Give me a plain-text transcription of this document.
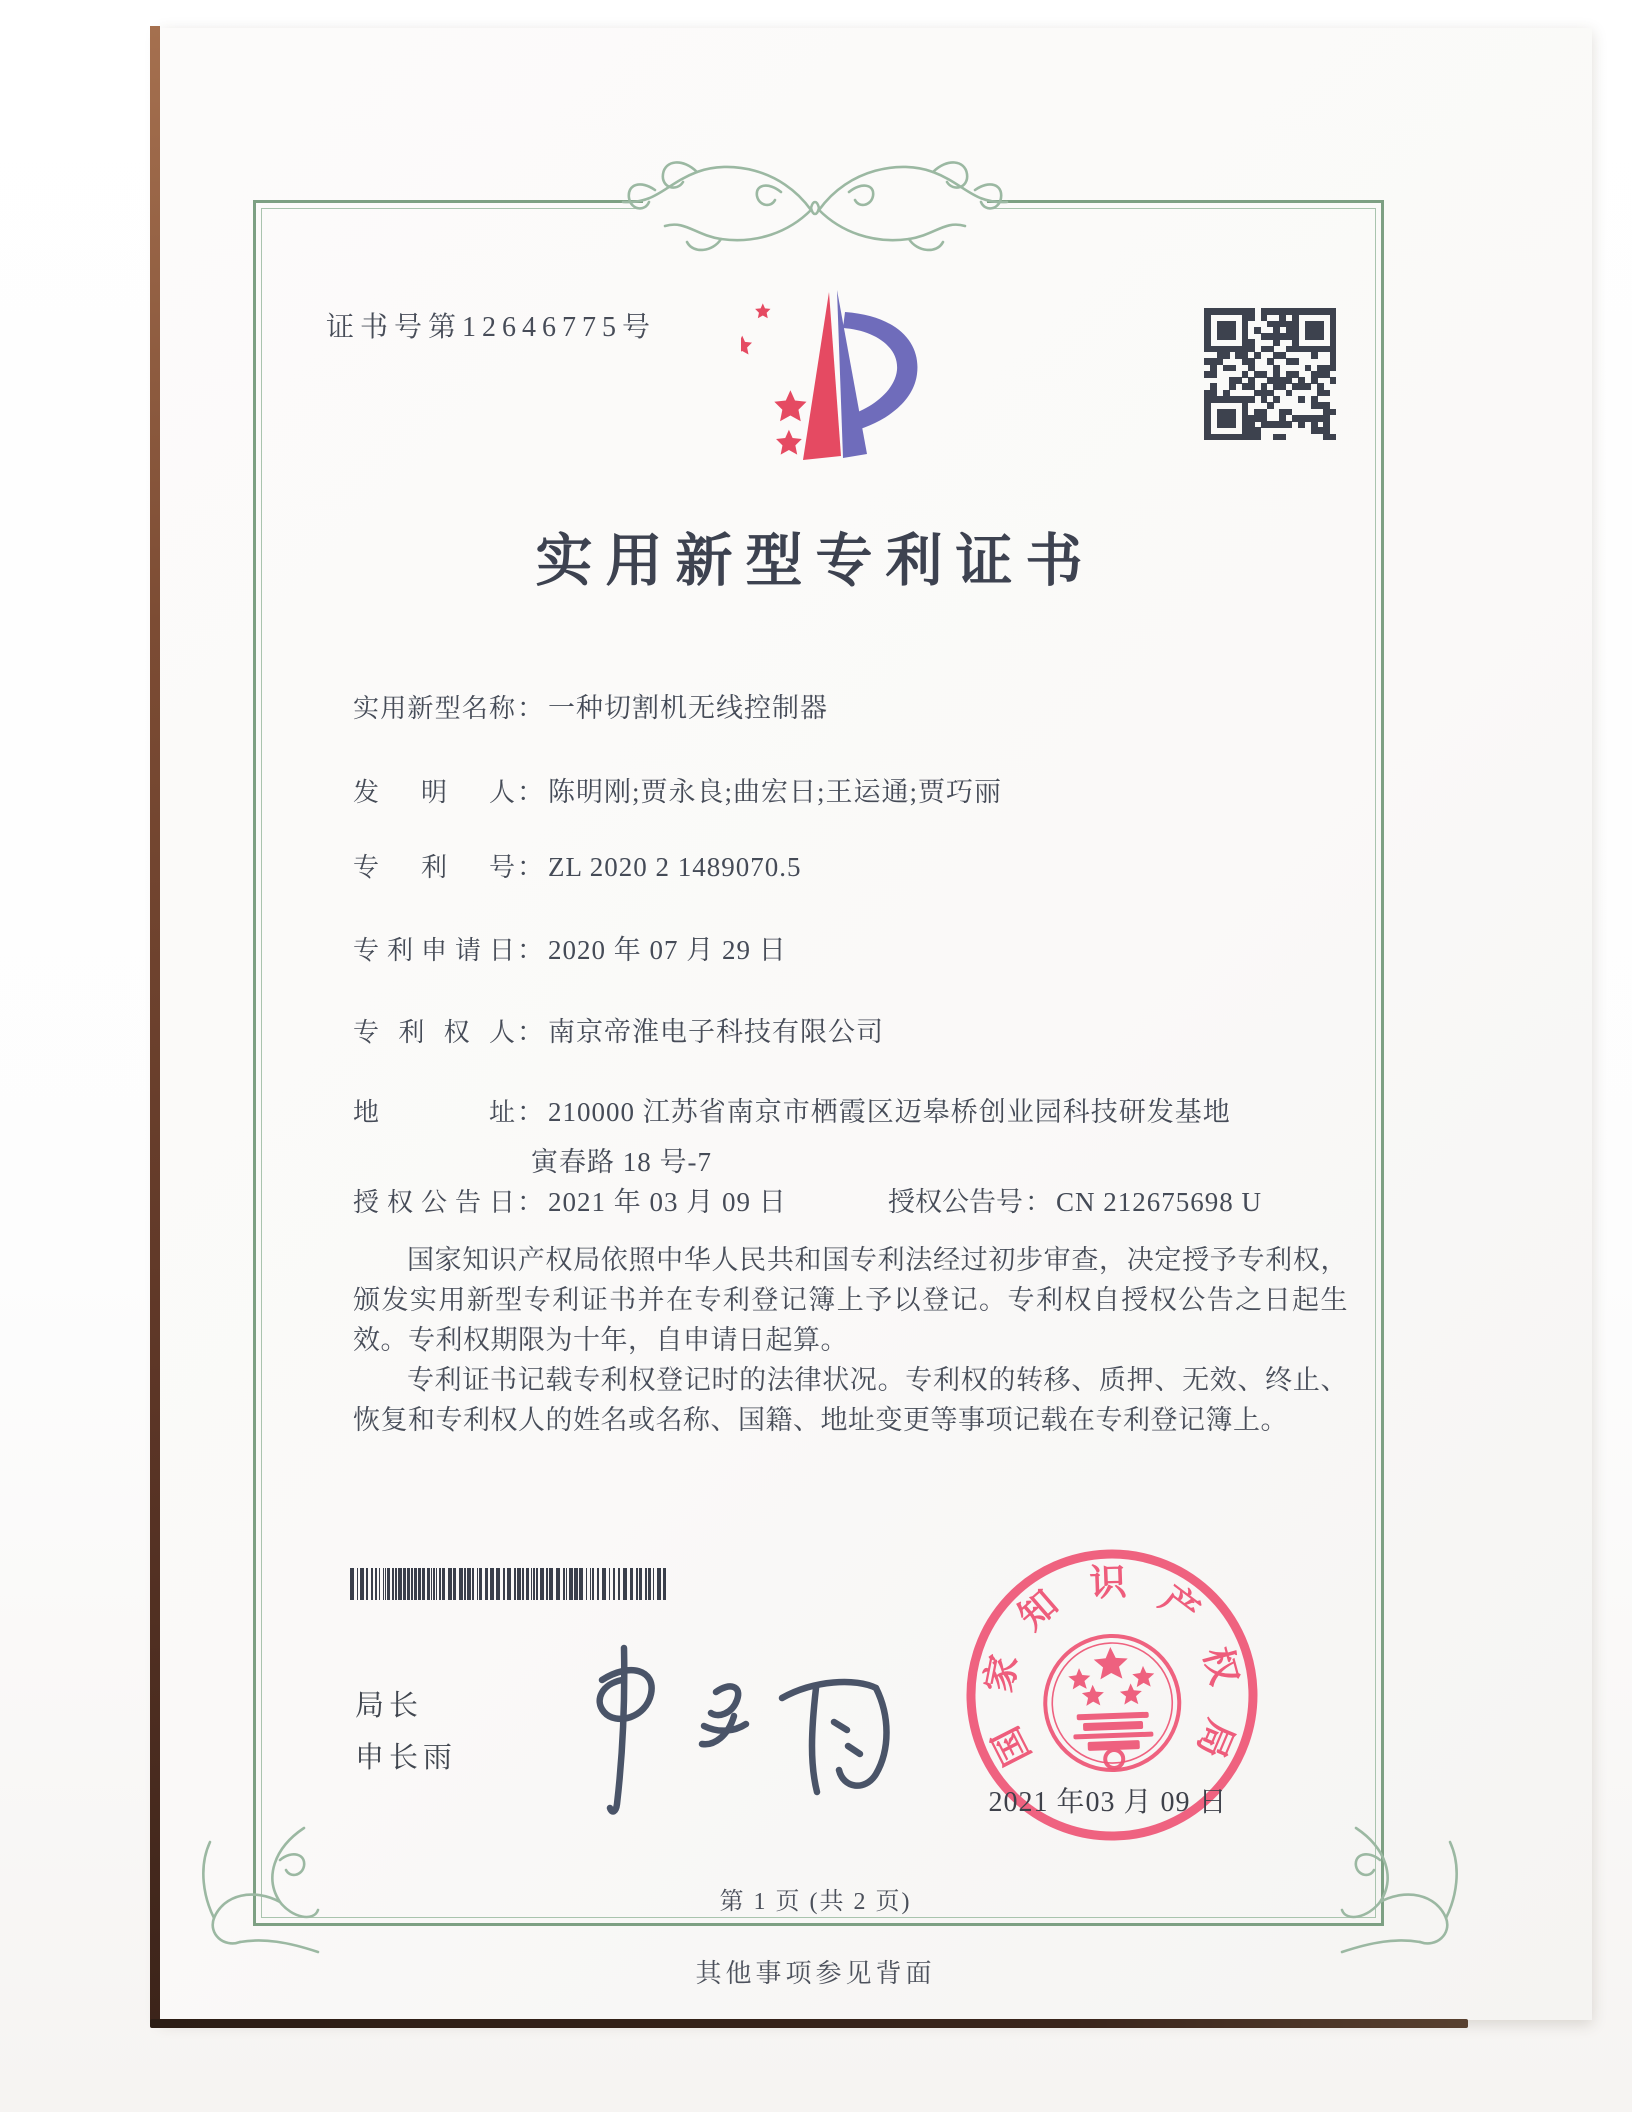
证书号第12646775号
实用新型专利证书
实用新型名称： 一种切割机无线控制器
发明人： 陈明刚;贾永良;曲宏日;王运通;贾巧丽
专利号： ZL 2020 2 1489070.5
专利申请日： 2020 年 07 月 29 日
专利权人： 南京帝淮电子科技有限公司
地址： 210000 江苏省南京市栖霞区迈皋桥创业园科技研发基地
寅春路 18 号-7
授权公告日： 2021 年 03 月 09 日	授权公告号： CN 212675698 U

国家知识产权局依照中华人民共和国专利法经过初步审查，决定授予专利权，颁发实用新型专利证书并在专利登记簿上予以登记。专利权自授权公告之日起生效。专利权期限为十年，自申请日起算。

专利证书记载专利权登记时的法律状况。专利权的转移、质押、无效、终止、恢复和专利权人的姓名或名称、国籍、地址变更等事项记载在专利登记簿上。

局长
申长雨	国
家
知 识 产
权
局
2021 年03 月 09 日
第 1 页 (共 2 页)
其他事项参见背面
